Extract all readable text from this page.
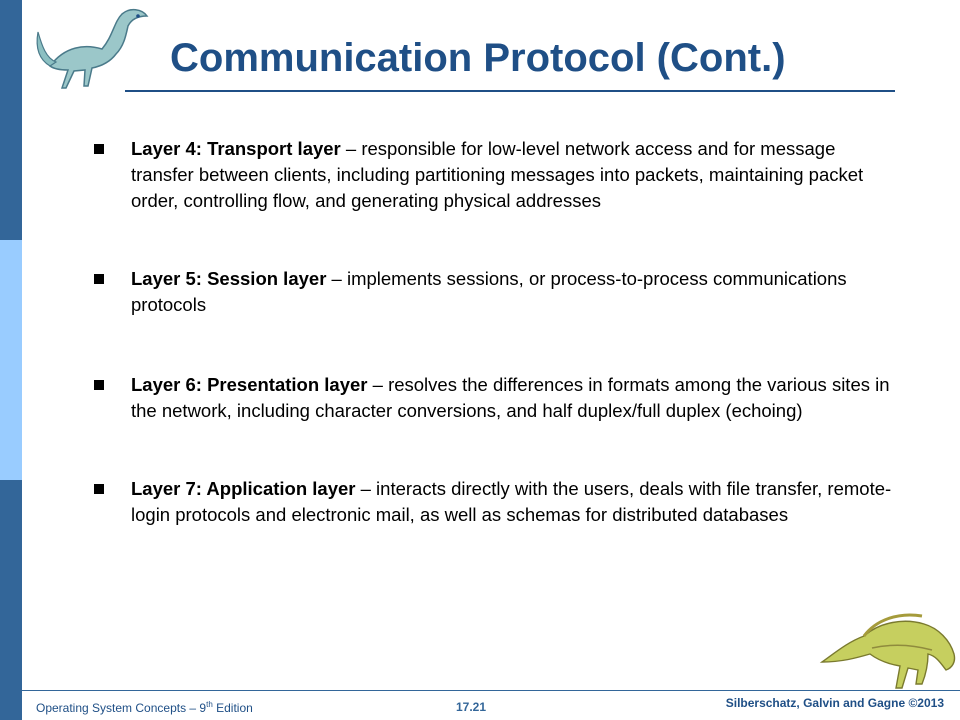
Communication Protocol (Cont.)
Layer 4: Transport layer – responsible for low-level network access and for message transfer between clients, including partitioning messages into packets, maintaining packet order, controlling flow, and generating physical addresses
Layer 5: Session layer – implements sessions, or process-to-process communications protocols
Layer 6: Presentation layer – resolves the differences in formats among the various sites in the network, including character conversions, and half duplex/full duplex (echoing)
Layer 7: Application layer – interacts directly with the users, deals with file transfer, remote-login protocols and electronic mail, as well as schemas for distributed databases
Operating System Concepts – 9th Edition	17.21	Silberschatz, Galvin and Gagne ©2013
